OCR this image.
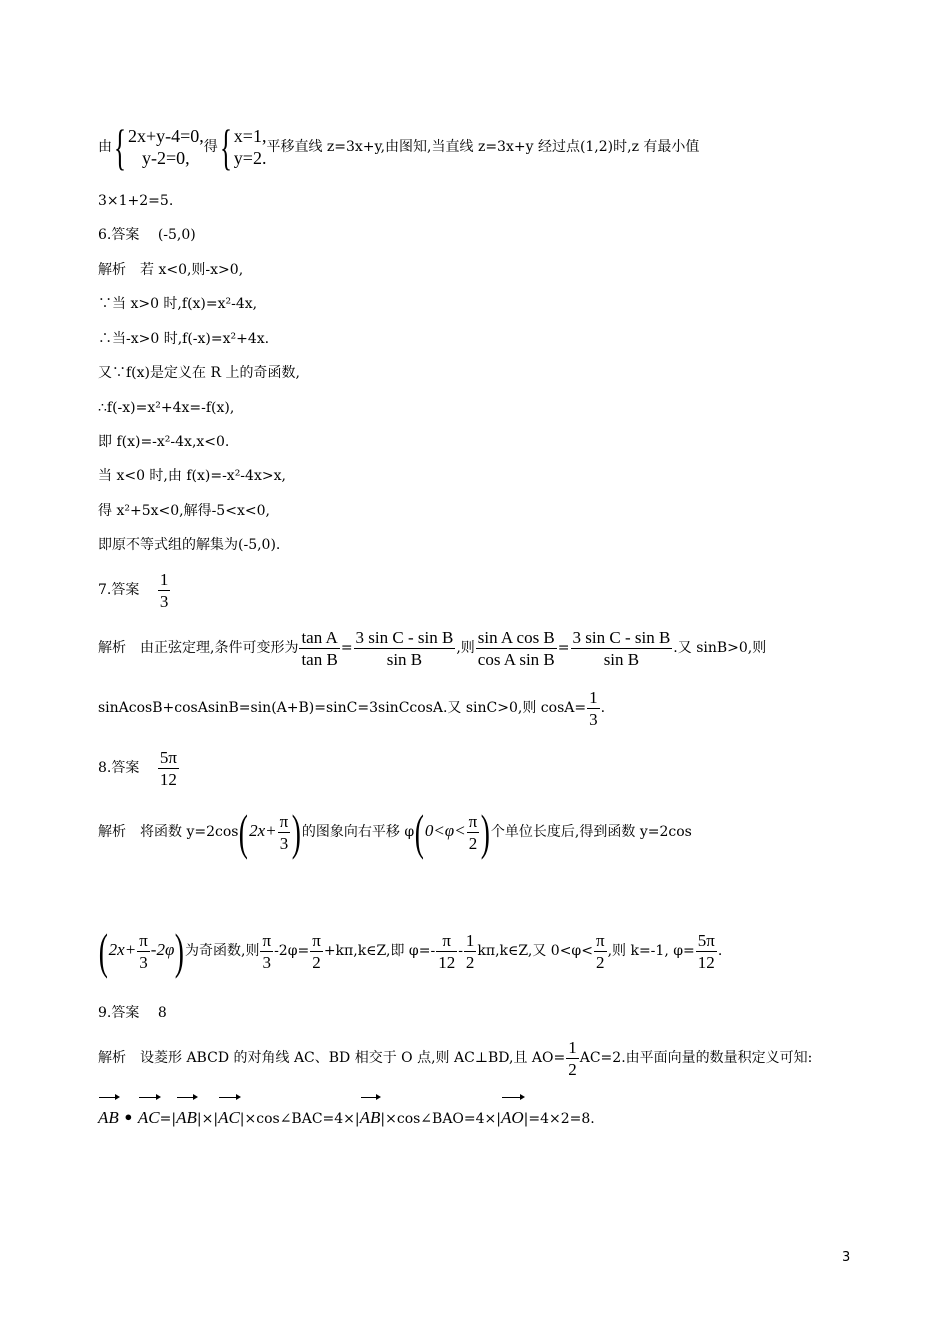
由{ 2x+y-4=0,
y-2=0,
得{ x=1,
y=2.
平移直线 z=3x+y,由图知,当直线 z=3x+y 经过点(1,2)时,z 有最小值
3×1+2=5.
6.答案 (-5,0)
解析　若 x<0,则-x>0,
∵当 x>0 时,f(x)=x²-4x,
∴当-x>0 时,f(-x)=x²+4x.
又∵f(x)是定义在 R 上的奇函数,
∴f(-x)=x²+4x=-f(x),
即 f(x)=-x²-4x,x<0.
当 x<0 时,由 f(x)=-x²-4x>x,
得 x²+5x<0,解得-5<x<0,
即原不等式组的解集为(-5,0).
7.答案 $\frac{1}{3}$
解析　由正弦定理,条件可变形为 $\frac{\text{tan A}}{\text{tan B}} = \frac{\text{3 sin C - sin B}}{\text{sin B}}$ ,则 $\frac{\text{sin A cos B}}{\text{cos A sin B}} = \frac{\text{3 sin C - sin B}}{\text{sin B}}$ .又 sinB>0,则
sinAcosB+cosAsinB=sin(A+B)=sinC=3sinCcosA.又 sinC>0,则 $\cos A= \frac{1}{3}$ .
8.答案 $\frac{5\pi}{12}$
解析　将函数 $y=2\cos(2x+ \frac{\pi}{3}$ )的图象向右平移 $\varphi(0<\varphi< \frac{\pi}{2}$ )个单位长度后,得到函数 y=2cos
$(2x+ \frac{\pi}{3} -2\varphi)$为奇函数,则 $\frac{\pi}{3} -2\varphi= \frac{\pi}{2}$ +kπ,k∈Z,即 $\varphi=- \frac{\pi}{12} - \frac{1}{2}$ kπ,k∈Z,又 $0<\varphi< \frac{\pi}{2}$ ,则 k=-1, $\varphi= \frac{5\pi}{12}$ .
9.答案 8
解析　设菱形 ABCD 的对角线 AC、BD 相交于 O 点,则 AC⊥BD,且 $AO= \frac{1}{2} AC=2$.由平面向量的数量积定义可知:
AB • AC=|AB|×|AC|×cos∠BAC=4×|AB|×cos∠BAO=4×|AO|=4×2=8.
3
